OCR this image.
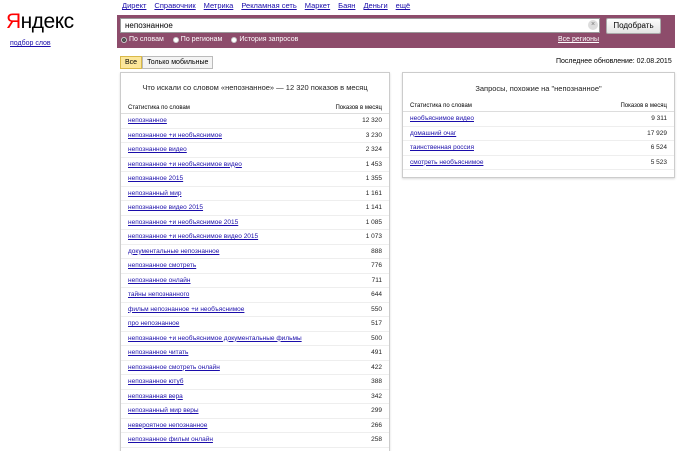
Яндекс
подбор слов
Директ Справочник Метрика Рекламная сеть Маркет Баян Деньги ещё
непознанное	×	Подобрать
По словам По регионам История запросов	Все регионы
Все	Только мобильные	Последнее обновление: 02.08.2015
Что искали со словом «непознанное» — 12 320 показов в месяц
Статистика по словам	Показов в месяц
непознанное	12 320
непознанное +и необъяснимое	3 230
непознанное видео	2 324
непознанное +и необъяснимое видео	1 453
непознанное 2015	1 355
непознанный мир	1 161
непознанное видео 2015	1 141
непознанное +и необъяснимое 2015	1 085
непознанное +и необъяснимое видео 2015	1 073
документальные непознанное	888
непознанное смотреть	776
непознанное онлайн	711
тайны непознанного	644
фильм непознанное +и необъяснимое	550
про непознанное	517
непознанное +и необъяснимое документальные фильмы	500
непознанное читать	491
непознанное смотреть онлайн	422
непознанное ютуб	388
непознанная вера	342
непознанный мир веры	299
невероятное непознанное	266
непознанное фильм онлайн	258
Запросы, похожие на "непознанное"
Статистика по словам	Показов в месяц
необъяснимое видео	9 311
домашний очаг	17 929
таинственная россия	6 524
смотреть необъяснимое	5 523
